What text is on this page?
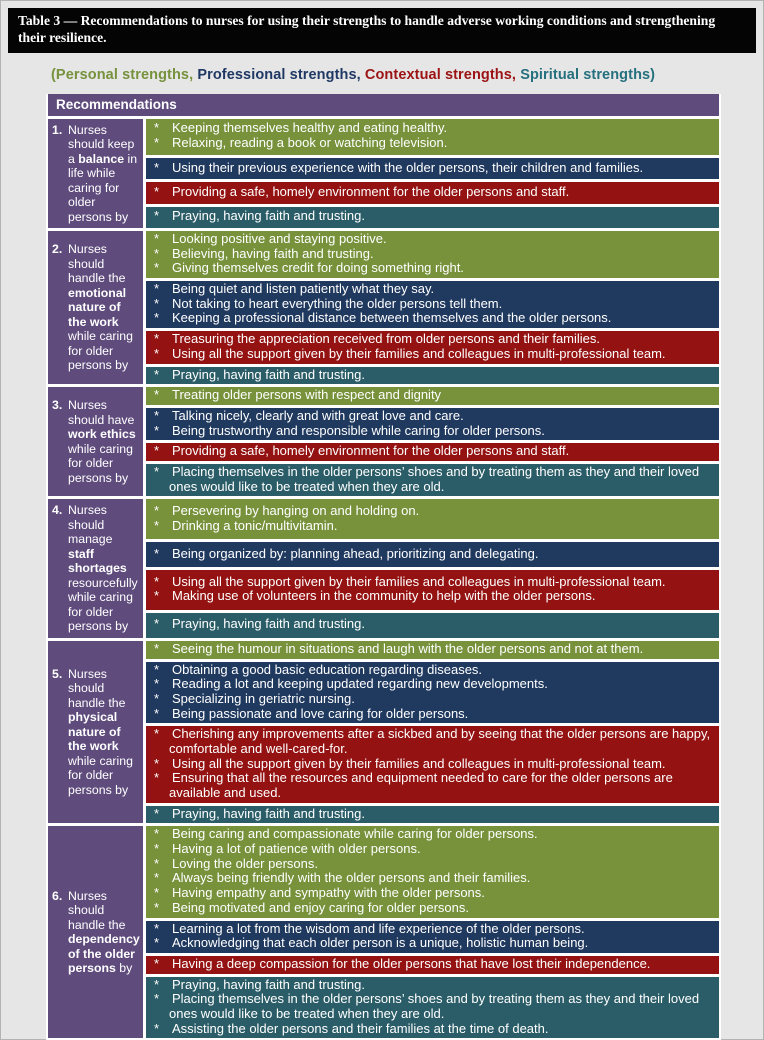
Table 3 — Recommendations to nurses for using their strengths to handle adverse working conditions and strengthening their resilience.
(Personal strengths, Professional strengths, Contextual strengths, Spiritual strengths)
Recommendations
1. Nurses should keep a balance in life while caring for older persons by
* Keeping themselves healthy and eating healthy.
* Relaxing, reading a book or watching television.
* Using their previous experience with the older persons, their children and families.
* Providing a safe, homely environment for the older persons and staff.
* Praying, having faith and trusting.
2. Nurses should handle the emotional nature of the work while caring for older persons by
* Looking positive and staying positive.
* Believing, having faith and trusting.
* Giving themselves credit for doing something right.
* Being quiet and listen patiently what they say.
* Not taking to heart everything the older persons tell them.
* Keeping a professional distance between themselves and the older persons.
* Treasuring the appreciation received from older persons and their families.
* Using all the support given by their families and colleagues in multi-professional team.
* Praying, having faith and trusting.
3. Nurses should have work ethics while caring for older persons by
* Treating older persons with respect and dignity
* Talking nicely, clearly and with great love and care.
* Being trustworthy and responsible while caring for older persons.
* Providing a safe, homely environment for the older persons and staff.
* Placing themselves in the older persons’ shoes and by treating them as they and their loved ones would like to be treated when they are old.
4. Nurses should manage staff shortages resourcefully while caring for older persons by
* Persevering by hanging on and holding on.
* Drinking a tonic/multivitamin.
* Being organized by: planning ahead, prioritizing and delegating.
* Using all the support given by their families and colleagues in multi-professional team.
* Making use of volunteers in the community to help with the older persons.
* Praying, having faith and trusting.
5. Nurses should handle the physical nature of the work while caring for older persons by
* Seeing the humour in situations and laugh with the older persons and not at them.
* Obtaining a good basic education regarding diseases.
* Reading a lot and keeping updated regarding new developments.
* Specializing in geriatric nursing.
* Being passionate and love caring for older persons.
* Cherishing any improvements after a sickbed and by seeing that the older persons are happy, comfortable and well-cared-for.
* Using all the support given by their families and colleagues in multi-professional team.
* Ensuring that all the resources and equipment needed to care for the older persons are available and used.
* Praying, having faith and trusting.
6. Nurses should handle the dependency of the older persons by
* Being caring and compassionate while caring for older persons.
* Having a lot of patience with older persons.
* Loving the older persons.
* Always being friendly with the older persons and their families.
* Having empathy and sympathy with the older persons.
* Being motivated and enjoy caring for older persons.
* Learning a lot from the wisdom and life experience of the older persons.
* Acknowledging that each older person is a unique, holistic human being.
* Having a deep compassion for the older persons that have lost their independence.
* Praying, having faith and trusting.
* Placing themselves in the older persons’ shoes and by treating them as they and their loved ones would like to be treated when they are old.
* Assisting the older persons and their families at the time of death.
